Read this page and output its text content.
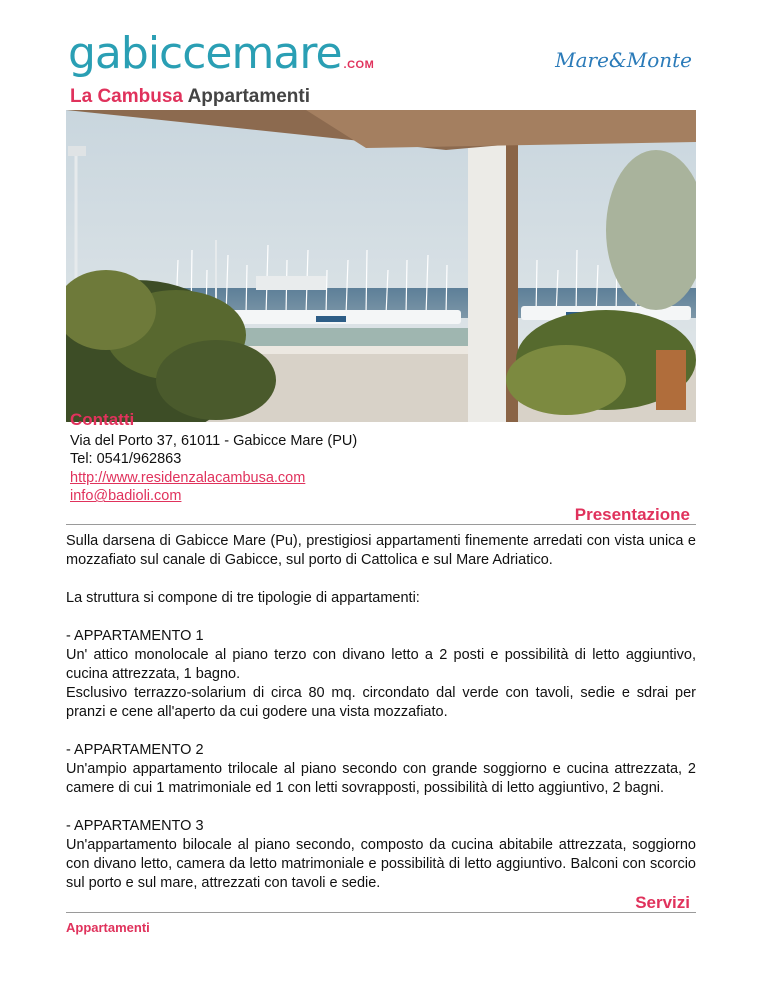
gabiccemare .COM	Mare&Monte
La Cambusa Appartamenti
Contatti
Via del Porto 37, 61011 - Gabicce Mare (PU)
Tel: 0541/962863
http://www.residenzalacambusa.com
info@badioli.com
Presentazione

Sulla darsena di Gabicce Mare (Pu), prestigiosi appartamenti finemente arredati con vista unica e mozzafiato sul canale di Gabicce, sul porto di Cattolica e sul Mare Adriatico.

La struttura si compone di tre tipologie di appartamenti:

- APPARTAMENTO 1
Un' attico monolocale al piano terzo con divano letto a 2 posti e possibilità di letto aggiuntivo, cucina attrezzata, 1 bagno.
Esclusivo terrazzo-solarium di circa 80 mq. circondato dal verde con tavoli, sedie e sdrai per pranzi e cene all'aperto da cui godere una vista mozzafiato.

- APPARTAMENTO 2
Un'ampio appartamento trilocale al piano secondo con grande soggiorno e cucina attrezzata, 2 camere di cui 1 matrimoniale ed 1 con letti sovrapposti, possibilità di letto aggiuntivo, 2 bagni.

- APPARTAMENTO 3
Un'appartamento bilocale al piano secondo, composto da cucina abitabile attrezzata, soggiorno con divano letto, camera da letto matrimoniale e possibilità di letto aggiuntivo. Balconi con scorcio sul porto e sul mare, attrezzati con tavoli e sedie.

Servizi
Appartamenti
